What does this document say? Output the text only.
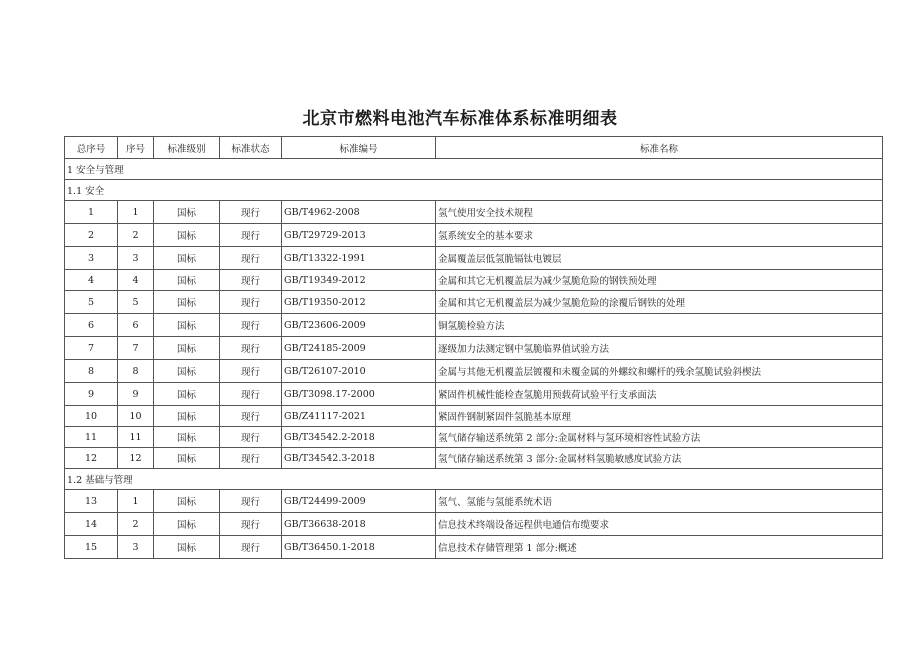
北京市燃料电池汽车标准体系标准明细表
总序号	序号	标准级别	标准状态	标准编号	标准名称
1 安全与管理					
1.1 安全					
1	1	国标	现行	GB/T4962-2008	氢气使用安全技术规程
2	2	国标	现行	GB/T29729-2013	氢系统安全的基本要求
3	3	国标	现行	GB/T13322-1991	金属覆盖层低氢脆镉钛电镀层
4	4	国标	现行	GB/T19349-2012	金属和其它无机覆盖层为减少氢脆危险的钢铁预处理
5	5	国标	现行	GB/T19350-2012	金属和其它无机覆盖层为减少氢脆危险的涂覆后钢铁的处理
6	6	国标	现行	GB/T23606-2009	铜氢脆检验方法
7	7	国标	现行	GB/T24185-2009	逐级加力法测定钢中氢脆临界值试验方法
8	8	国标	现行	GB/T26107-2010	金属与其他无机覆盖层镀覆和未覆金属的外螺纹和螺杆的残余氢脆试验斜楔法
9	9	国标	现行	GB/T3098.17-2000	紧固件机械性能检查氢脆用预载荷试验平行支承面法
10	10	国标	现行	GB/Z41117-2021	紧固件钢制紧固件氢脆基本原理
11	11	国标	现行	GB/T34542.2-2018	氢气储存输送系统第 2 部分:金属材料与氢环境相容性试验方法
12	12	国标	现行	GB/T34542.3-2018	氢气储存输送系统第 3 部分:金属材料氢脆敏感度试验方法
1.2 基础与管理					
13	1	国标	现行	GB/T24499-2009	氢气、氢能与氢能系统术语
14	2	国标	现行	GB/T36638-2018	信息技术终端设备远程供电通信布缆要求
15	3	国标	现行	GB/T36450.1-2018	信息技术存储管理第 1 部分:概述
